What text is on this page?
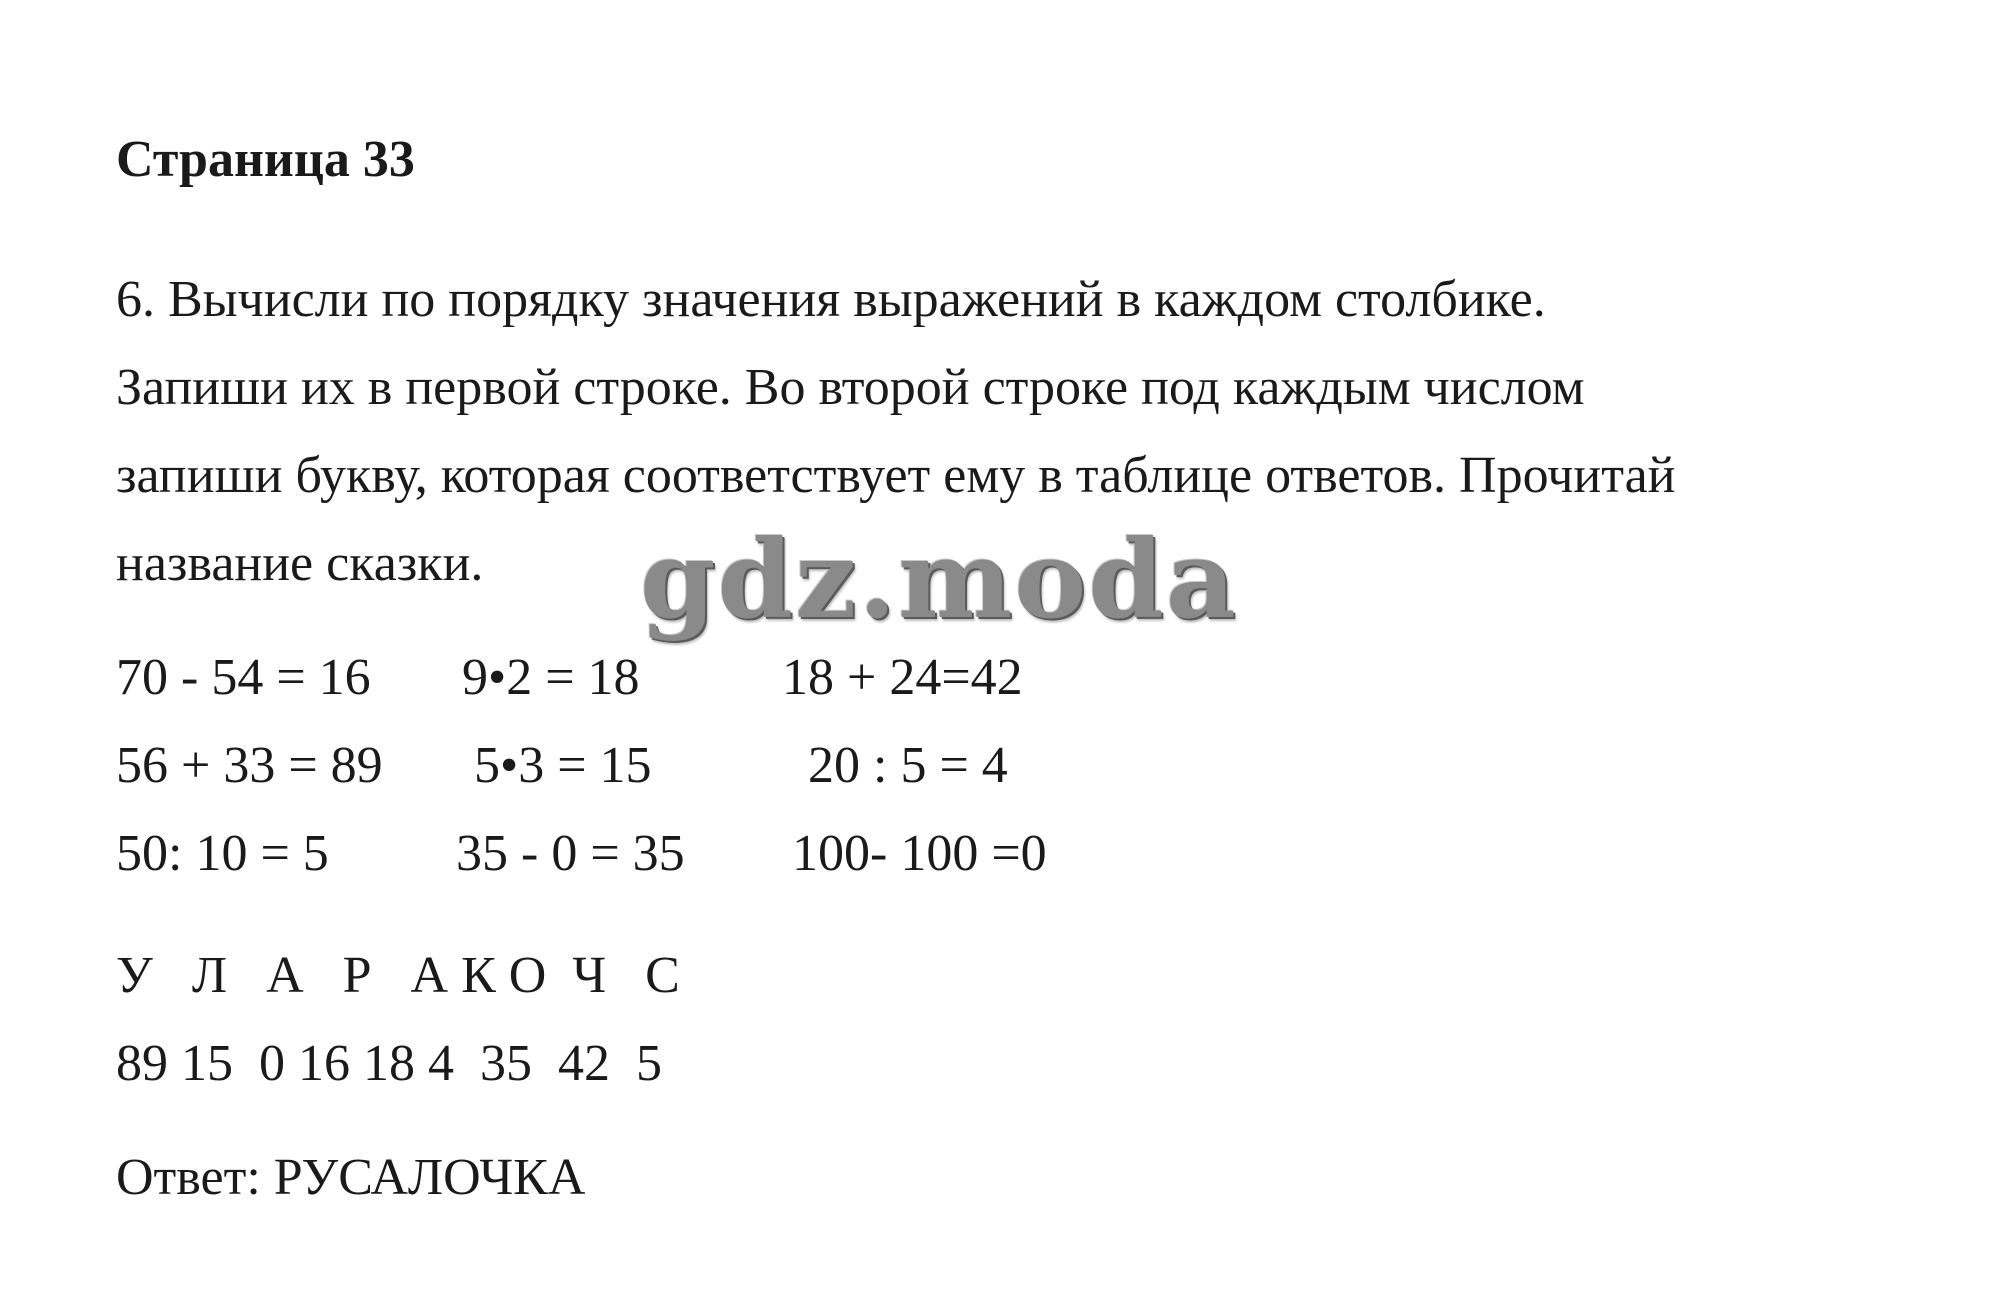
Страница 33
6. Вычисли по порядку значения выражений в каждом столбике.
Запиши их в первой строке. Во второй строке под каждым числом
запиши букву, которая соответствует ему в таблице ответов. Прочитай
название сказки. gdz.moda
70 - 54 = 16 9•2 = 18	18 + 24=42
56 + 33 = 89 5•3 = 15	20 : 5 = 4
50: 10 = 5 35 - 0 = 35 100- 100 =0
У   Л   А   Р   А К О  Ч   С
89 15  0 16 18 4  35  42  5
Ответ: РУСАЛОЧКА
